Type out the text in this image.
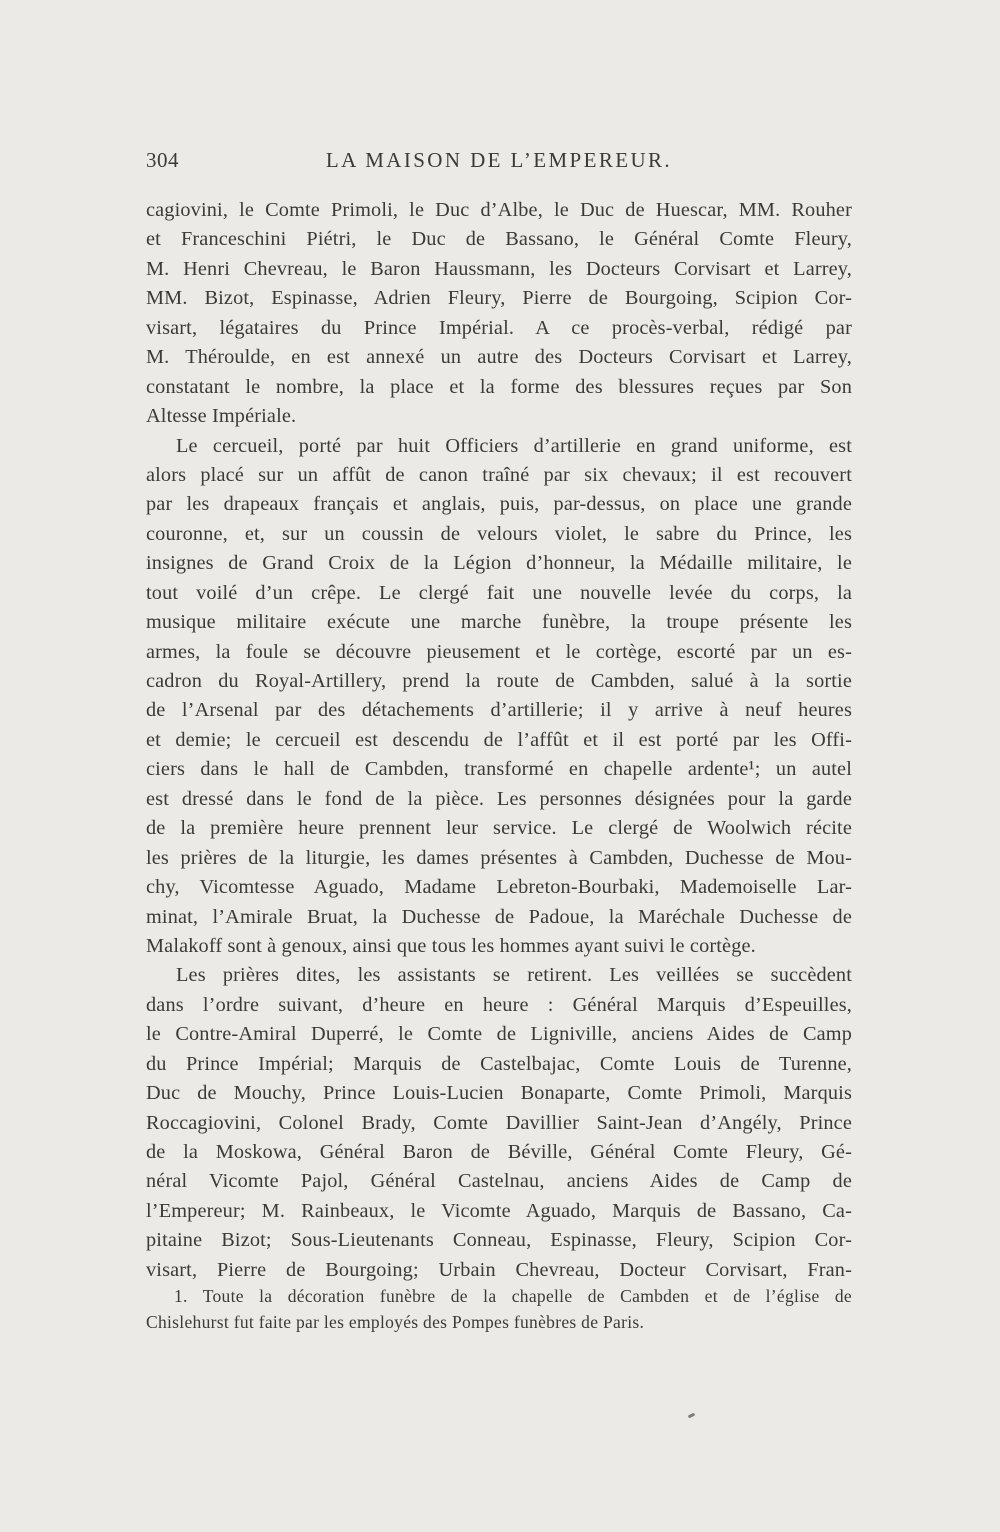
304	LA MAISON DE L’EMPEREUR.
cagiovini, le Comte Primoli, le Duc d’Albe, le Duc de Huescar, MM. Rouher
et Franceschini Piétri, le Duc de Bassano, le Général Comte Fleury,
M. Henri Chevreau, le Baron Haussmann, les Docteurs Corvisart et Larrey,
MM. Bizot, Espinasse, Adrien Fleury, Pierre de Bourgoing, Scipion Cor-
visart, légataires du Prince Impérial. A ce procès-verbal, rédigé par
M. Théroulde, en est annexé un autre des Docteurs Corvisart et Larrey,
constatant le nombre, la place et la forme des blessures reçues par Son
Altesse Impériale.
Le cercueil, porté par huit Officiers d’artillerie en grand uniforme, est
alors placé sur un affût de canon traîné par six chevaux; il est recouvert
par les drapeaux français et anglais, puis, par-dessus, on place une grande
couronne, et, sur un coussin de velours violet, le sabre du Prince, les
insignes de Grand Croix de la Légion d’honneur, la Médaille militaire, le
tout voilé d’un crêpe. Le clergé fait une nouvelle levée du corps, la
musique militaire exécute une marche funèbre, la troupe présente les
armes, la foule se découvre pieusement et le cortège, escorté par un es-
cadron du Royal-Artillery, prend la route de Cambden, salué à la sortie
de l’Arsenal par des détachements d’artillerie; il y arrive à neuf heures
et demie; le cercueil est descendu de l’affût et il est porté par les Offi-
ciers dans le hall de Cambden, transformé en chapelle ardente¹; un autel
est dressé dans le fond de la pièce. Les personnes désignées pour la garde
de la première heure prennent leur service. Le clergé de Woolwich récite
les prières de la liturgie, les dames présentes à Cambden, Duchesse de Mou-
chy, Vicomtesse Aguado, Madame Lebreton-Bourbaki, Mademoiselle Lar-
minat, l’Amirale Bruat, la Duchesse de Padoue, la Maréchale Duchesse de
Malakoff sont à genoux, ainsi que tous les hommes ayant suivi le cortège.
Les prières dites, les assistants se retirent. Les veillées se succèdent
dans l’ordre suivant, d’heure en heure : Général Marquis d’Espeuilles,
le Contre-Amiral Duperré, le Comte de Ligniville, anciens Aides de Camp
du Prince Impérial; Marquis de Castelbajac, Comte Louis de Turenne,
Duc de Mouchy, Prince Louis-Lucien Bonaparte, Comte Primoli, Marquis
Roccagiovini, Colonel Brady, Comte Davillier Saint-Jean d’Angély, Prince
de la Moskowa, Général Baron de Béville, Général Comte Fleury, Gé-
néral Vicomte Pajol, Général Castelnau, anciens Aides de Camp de
l’Empereur; M. Rainbeaux, le Vicomte Aguado, Marquis de Bassano, Ca-
pitaine Bizot; Sous-Lieutenants Conneau, Espinasse, Fleury, Scipion Cor-
visart, Pierre de Bourgoing; Urbain Chevreau, Docteur Corvisart, Fran-
1. Toute la décoration funèbre de la chapelle de Cambden et de l’église de
Chislehurst fut faite par les employés des Pompes funèbres de Paris.
